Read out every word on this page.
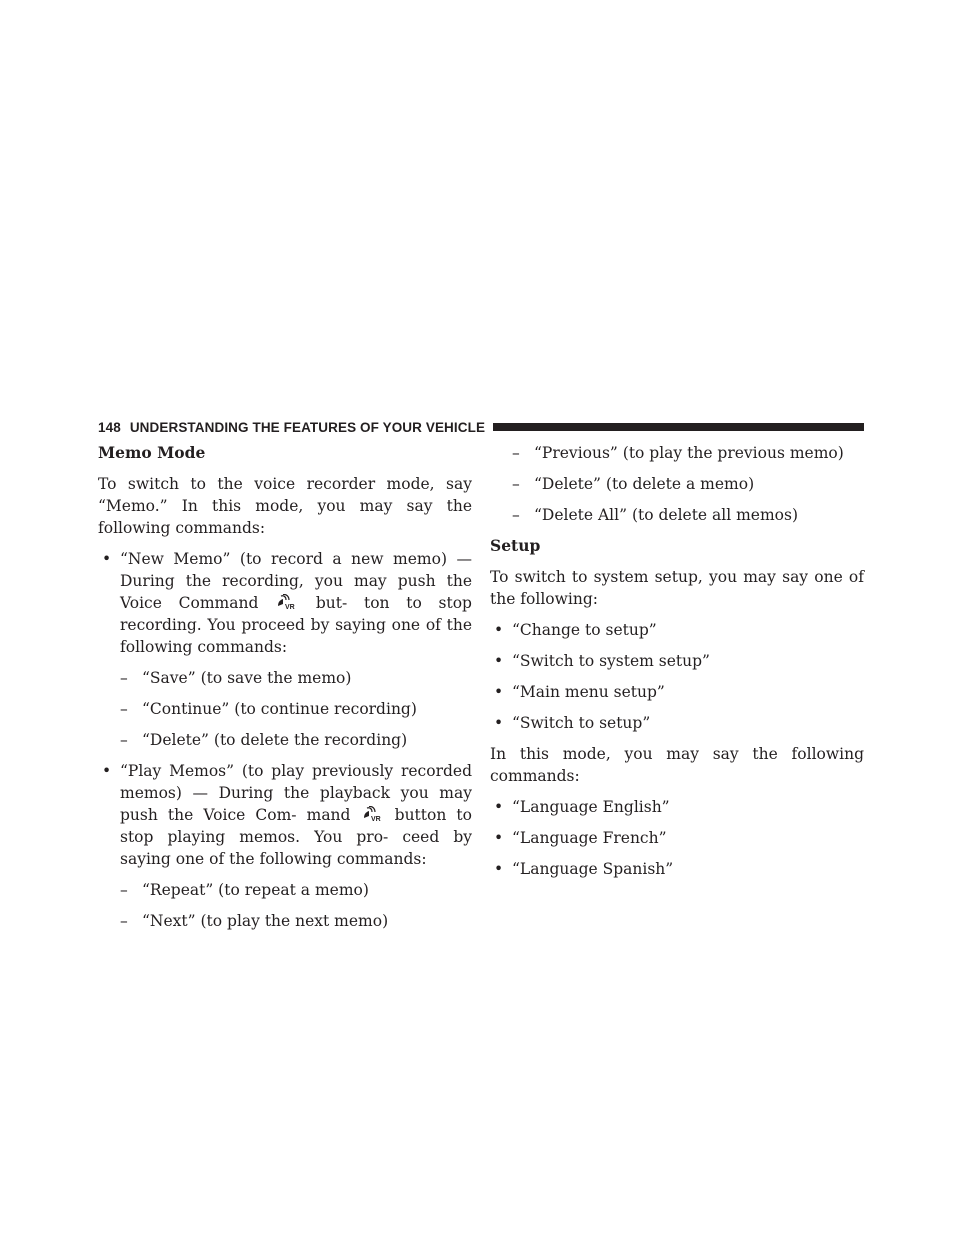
148 UNDERSTANDING THE FEATURES OF YOUR VEHICLE
Memo Mode

To switch to the voice recorder mode, say “Memo.” In this mode, you may say the following commands:

• “New Memo” (to record a new memo) — During the recording, you may push the Voice Command	VR but- ton to stop recording. You proceed by saying one of the following commands:
– “Save” (to save the memo)
– “Continue” (to continue recording)
– “Delete” (to delete the recording)
• “Play Memos” (to play previously recorded memos) — During the playback you may push the Voice Com- mand	VR button to stop playing memos. You pro- ceed by saying one of the following commands:
– “Repeat” (to repeat a memo)
– “Next” (to play the next memo)
– “Previous” (to play the previous memo)
– “Delete” (to delete a memo)
– “Delete All” (to delete all memos)
Setup

To switch to system setup, you may say one of the following:

• “Change to setup”
• “Switch to system setup”
• “Main menu setup”
• “Switch to setup”

In this mode, you may say the following commands:

• “Language English”
• “Language French”
• “Language Spanish”
